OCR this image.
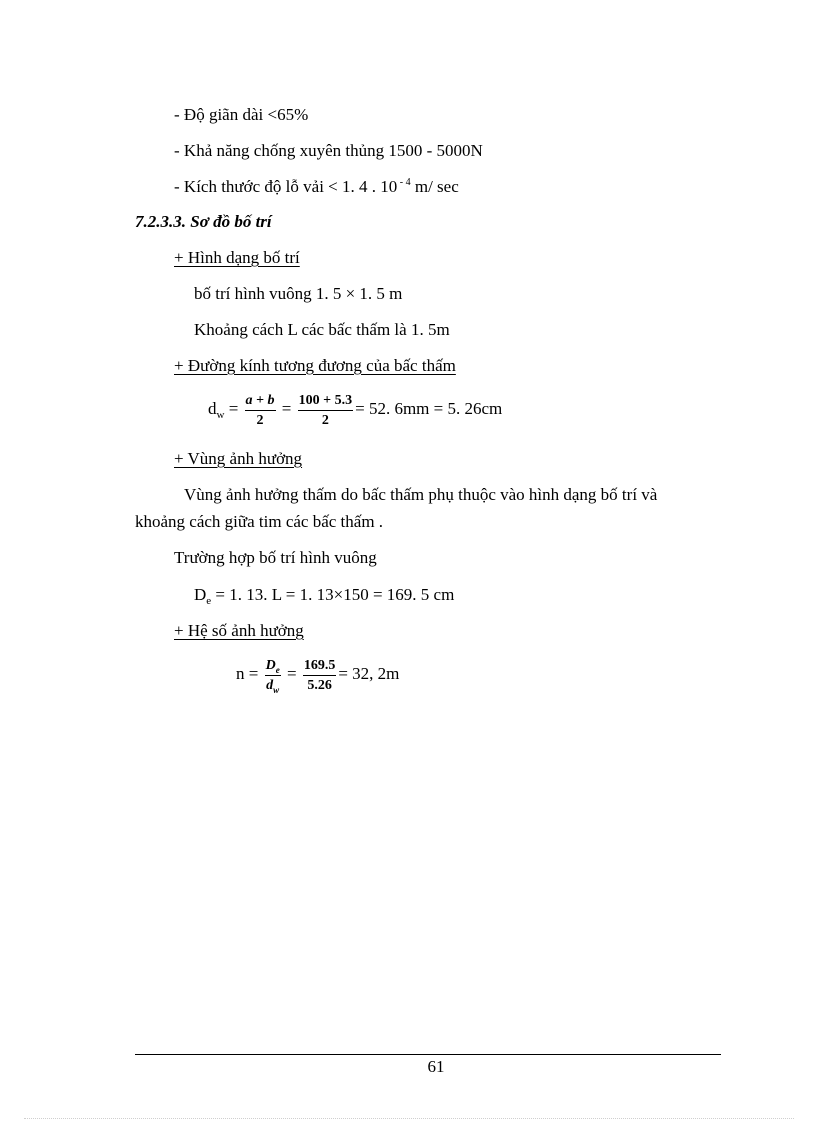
- Độ giãn dài <65%
- Khả năng chống xuyên thủng 1500 - 5000N
- Kích thước độ lỗ vải < 1. 4 . 10 $^{- 4}$ m/ sec
7.2.3.3. Sơ đồ bố trí
+ Hình dạng bố trí
bố trí hình vuông 1. 5 × 1. 5 m
Khoảng cách L các bấc thấm là 1. 5m
+ Đường kính tương đương của bấc thấm
$d_w = \frac{a + b}{2} = \frac{100 + 5.3}{2} = 52$. 6mm = 5. 26cm
+ Vùng ảnh hưởng
Vùng ảnh hưởng thấm do bấc thấm phụ thuộc vào hình dạng bố trí và
khoảng cách giữa tim các bấc thấm .
Trường hợp bố trí hình vuông
$D_e = 1$. 13. L = 1. 13×150 = 169. 5 cm
+ Hệ số ảnh hưởng
$n = \frac{D_e}{d_w} = \frac{169.5}{5.26} = 32$, 2m
61
